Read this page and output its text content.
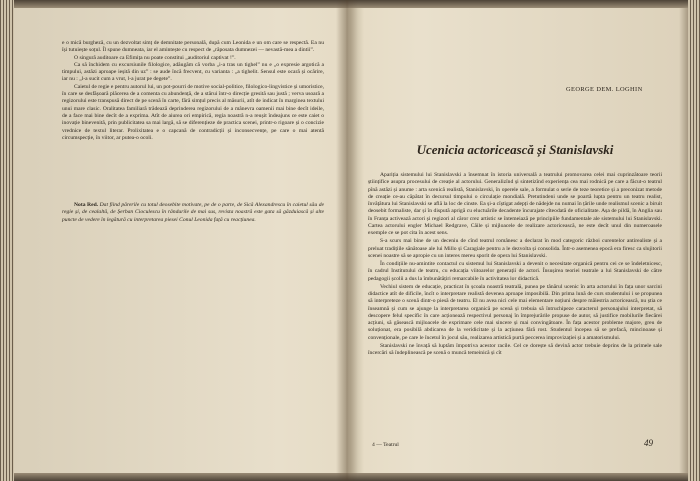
e o mică burgheză, cu un dezvoltat simț de demnitate personală, după cum Leonida e un om care se respectă. Ea nu își tutuiește soțul. Îl spune dumneata, iar el amintește cu respect de „răposata dumnezei — nevastă-mea a dintii”.

O singură auditoare ca Efimița nu poate constitui „auditoriul captivat !”.

Ca să închidem cu excursiunile filologice, adăugăm că vorba „i-a tras un tighel” nu e „o expresie argotică a timpului, astăzi aproape ieșită din uz” : se aude încă frecvent, cu varianta : „a tighelit. Sensul este ocară și ocărire, iar nu : „l-a sucit cum a vrut, l-a jurat pe degete”.

Caietul de regie e pentru autorul lui, un pot-pourri de motive social-politice, filologico-lingvistice și umoristice, în care se desfășoară plăcerea de a comenta cu abundență, de a stărui într-o direcție gresită sau justă ; verva usoară a regizorului este transpusă direct de pe scenă în carte, fără simțul precis al măsurii, atît de indicat în marginea textului unui mare clasic. Oralitatea familiară trădează deprinderea regizorului de a mânevra oamenii mai bine decît ideile, de a face mai bine decît de a exprima. Atît de aiurea ori empirică, regia noastră n-a reușit îndeajuns ce este caiet o inovație binevenită, prin publicitatea sa mai largă, să se diferențieze de practica scenei, printr-o rigoare și o concizie vrednice de textul literar. Prolixitatea e o capcană de contradicții și inconsecvențe, pe care o mai atentă circumspecție, în viitor, ar putea-o ocoli.

Nota Red. Dat fiind părerile cu totul deosebite motivate, pe de o parte, de Sică Alexandrescu în caietul său de regie și, de cealaltă, de Șerban Cioculescu în rândurile de mai sus, revista noastră este gata să găzduiască și alte puncte de vedere în legătură cu interpretarea piesei Conul Leonida față cu reacțiunea.
GEORGE DEM. LOGHIN
Ucenicia actoricească și Stanislavski

Apariția sistemului lui Stanislavski a însemnat în istoria universală a teatrului promovarea celei mai cuprinzătoare teorii științifice asupra procesului de creație al actorului. Generalizînd și sintetizînd experiența cea mai rodnică pe care a făcut-o teatrul pînă astăzi și anume : arta scenică realistă, Stanislavski, în operele sale, a formulat o serie de teze teoretice și a preconizat metode de creație ce-au căpătat în decursul timpului o circulație mondială. Pretutindeni unde se poartă lupta pentru un teatru realist, învățătura lui Stanislavski se află la loc de cinste. Ea și-a cîștigat adepți de nădejde nu numai în țările unde realismul scenic a biruit deosebit formaliste, dar și în dispută aprigă cu eluctuările decadente încurajate cîteodată de oficialitate. Așa de pildă, în Anglia sau în Franța activează actori și regizori al căror crez artistic se întemeiază pe principiile fundamentale ale sistemului lui Stanislavski. Cartea actorului engler Michael Redgrave, Căile și mijloacele de realizare actoricească, ne este decît unul din numeroasele exemple ce se pot cita în acest sens.

S-a scurs mai bine de un deceniu de cînd teatrul românesc a declarat în mod categoric război curentelor antirealiste și a preluat tradițiile sănătoase ale lui Millo și Caragiale pentru a le dezvolta și consolida. Într-o asemenea epocă era firesc ca slujitorii scenei noastre să se apropie cu un interes mereu sporit de opera lui Stanislavski.

În condițiile nu-amintite contactul cu sistemul lui Stanislavski a devenit o necesitate organică pentru cei ce se îndeletnicesc, în cadrul Institutului de teatru, cu educația viitoarelor generații de actori. Însușirea teoriei teatrale a lui Stanislavski de către pedagogii școlii a dus la îmbunătățiri remarcabile în activitatea lor didactică.

Vechiul sistem de educație, practicat în școala noastră teatrală, punea pe tânărul ucenic în arta actorului în fața unor sarcini didactice atît de dificile, încît o interpretare realistă devenea aproape imposibilă. Din prima lună de curs studentului i se propunea să interpreteze o scenă dintr-o piesă de teatru. El nu avea nici cele mai elementare noțiuni despre măiestria actoricească, nu știa ce înseamnă și cum se ajunge la interpretarea organică pe scenă și trebuia să întruchipeze caracterul personajului interpretat, să descopere felul specific în care acționează respectivul personaj în împrejurările propuse de autor, să justifice mobilurile fiecărei acțiuni, să găsească mijloacele de exprimare cele mai sincere și mai convingătoare. În fața acestor probleme majore, greu de soluționat, era posibilă abdicarea de la veridicitate și la acțiunea fără rost. Studentul începea să se prefacă, mincinoase și convenționale, pe care le încetul în jocul său, realizarea artistică purtă peccerea improvizației și a amatorismului.

Stanislavski ne învață să luptăm împotriva acestor racile. Cel ce dorește să devină actor trebuie deprins de la primele sale încercări să îndeplinească pe scenă o muncă temeinică și cît

4 — Teatrul	49
